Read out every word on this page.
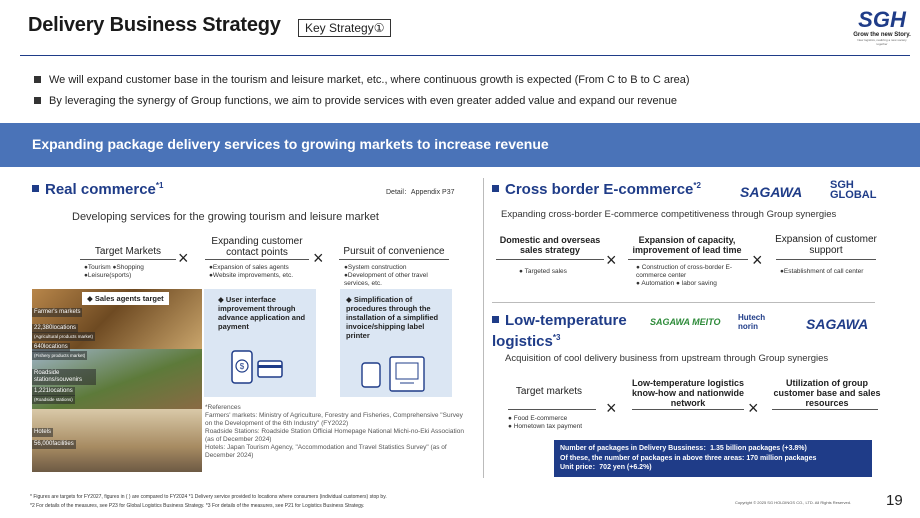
Delivery Business Strategy	Key Strategy①	SGH
Grow the new Story.
New logistics, realizing a new society together
We will expand customer base in the tourism and leisure market, etc., where continuous growth is expected (From C to B to C area)
By leveraging the synergy of Group functions, we aim to provide services with even greater added value and expand our revenue
Expanding package delivery services to growing markets to increase revenue
Real commerce$^{*1}$
Detail：Appendix P37
Developing services for the growing tourism and leisure market
Target Markets
●Tourism ●Shopping
●Leisure(sports)
×
Expanding customer contact points
●Expansion of sales agents
●Website improvements, etc.
×	Pursuit of convenience
●System construction
●Development of other travel services, etc.
◆ Sales agents target
Farmer's markets
22,380locations
(Agricultural products market)
640locations
(Fishery products market)
Roadside stations/souvenirs
1,221locations
(Roadside stations)
Hotels
56,000facilities
◆ User interface improvement through advance application and payment
$
◆ Simplification of procedures through the installation of a simplified invoice/shipping label printer
*References
Farmers' markets: Ministry of Agriculture, Forestry and Fisheries, Comprehensive "Survey on the Development of the 6th Industry" (FY2022)
Roadside Stations: Roadside Station Official Homepage National Michi-no-Eki Association (as of December 2024)
Hotels: Japan Tourism Agency, "Accommodation and Travel Statistics Survey" (as of December 2024)
Cross border E-commerce$^{*2}$	SAGAWA	SGH GLOBAL
Expanding cross-border E-commerce competitiveness through Group synergies
Domestic and overseas sales strategy
● Targeted sales
×
Expansion of capacity, improvement of lead time
● Construction of cross-border E-commerce center
● Automation ● labor saving
×
Expansion of customer support
●Establishment of call center
Low-temperature logistics$^{*3}$
SAGAWA MEITO	Hutech norin	SAGAWA
Acquisition of cool delivery business from upstream through Group synergies
Target markets
● Food E-commerce
● Hometown tax payment
×
Low-temperature logistics know-how and nationwide network	×
Utilization of group customer base and sales resources
Number of packages in Delivery Bussiness：1.35 billion packages (+3.8%)
Of these, the number of packages in above three areas: 170 million packages
Unit price：702 yen (+6.2%)
* Figures are targets for FY2027, figures in ( ) are compared to FY2024 *1 Delivery service provided to locations where consumers (individual customers) stop by.
*2 For details of the measures, see P23 for Global Logistics Business Strategy. *3 For details of the measures, see P21 for Logistics Business Strategy.
Copyright © 2025 SG HOLDINGS CO., LTD. All Rights Reserved. 19
